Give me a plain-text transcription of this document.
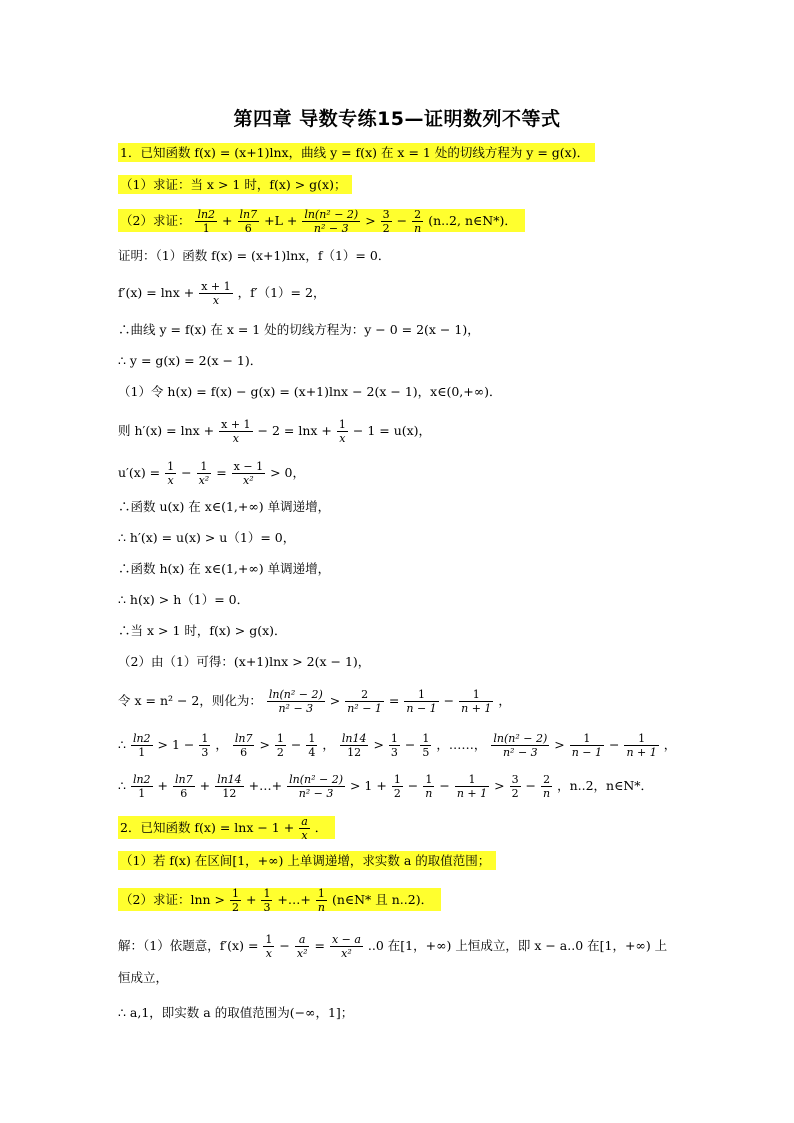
第四章 导数专练15—证明数列不等式
1．已知函数 f(x) = (x+1)lnx，曲线 y = f(x) 在 x = 1 处的切线方程为 y = g(x)．
（1）求证：当 x > 1 时，f(x) > g(x)；
（2）求证： $\frac{\ln 2}{1} + \frac{\ln 7}{6} +L + \frac{\text{ln(n² − 2)}}{\text{n² − 3}} > \frac{3}{2} - \frac{2}{n} (n..2$, n∈N*)．
证明：（1）函数 f(x) = (x+1)lnx，f（1）= 0．
$f'(x) = \ln x + \frac{x + 1}{x}$ ，f′（1）= 2，
∴曲线 y = f(x) 在 x = 1 处的切线方程为：y − 0 = 2(x − 1)，
∴ y = g(x) = 2(x − 1)．
（1）令 h(x) = f(x) − g(x) = (x+1)lnx − 2(x − 1)，x∈(0,+∞)．
则 $h'(x) = \ln x + \frac{x + 1}{x} - 2 = \ln x + \frac{1}{x} - 1 = u(x)$，
$u'(x) = \frac{1}{x} - \frac{1}{\text{x²}} = \frac{x - 1}{\text{x²}} > 0$，
∴函数 u(x) 在 x∈(1,+∞) 单调递增，
∴ h′(x) = u(x) > u（1）= 0，
∴函数 h(x) 在 x∈(1,+∞) 单调递增，
∴ h(x) > h（1）= 0．
∴当 x > 1 时，f(x) > g(x)．
（2）由（1）可得：(x+1)lnx > 2(x − 1)，
令 x = n² − 2，则化为： $\frac{\text{ln(n² − 2)}}{\text{n² − 3}} > \frac{2}{\text{n² − 1}} = \frac{1}{n - 1} - \frac{1}{n + 1}$ ，
∴ $\frac{\ln 2}{1} > 1 - \frac{1}{3}$ ， $\frac{\ln 7}{6} > \frac{1}{2} - \frac{1}{4}$ ， $\frac{\ln 14}{12} > \frac{1}{3} - \frac{1}{5}$ ，……， $\frac{\text{ln(n² − 2)}}{\text{n² − 3}} > \frac{1}{n - 1} - \frac{1}{n + 1}$ ，
∴ $\frac{\ln 2}{1} + \frac{\ln 7}{6} + \frac{\ln 14}{12}$ +…+ $\frac{\text{ln(n² − 2)}}{\text{n² − 3}} > 1 + \frac{1}{2} - \frac{1}{n} - \frac{1}{n + 1} > \frac{3}{2} - \frac{2}{n}$ ，n..2，n∈N*．
2．已知函数 $f(x) = \ln x - 1 + \frac{a}{x}$ ．
（1）若 f(x) 在区间[1，+∞) 上单调递增，求实数 a 的取值范围；
（2）求证：$\ln n > \frac{1}{2} + \frac{1}{3}$ +…+ $\frac{1}{n}$ (n∈N* 且 n..2)．
解：（1）依题意，$f'(x) = \frac{1}{x} - \frac{a}{\text{x²}} = \frac{x - a}{\text{x²}} ..0$ 在[1，+∞) 上恒成立，即 x − a..0 在[1，+∞) 上
恒成立，
∴ a,1，即实数 a 的取值范围为(−∞，1]；
